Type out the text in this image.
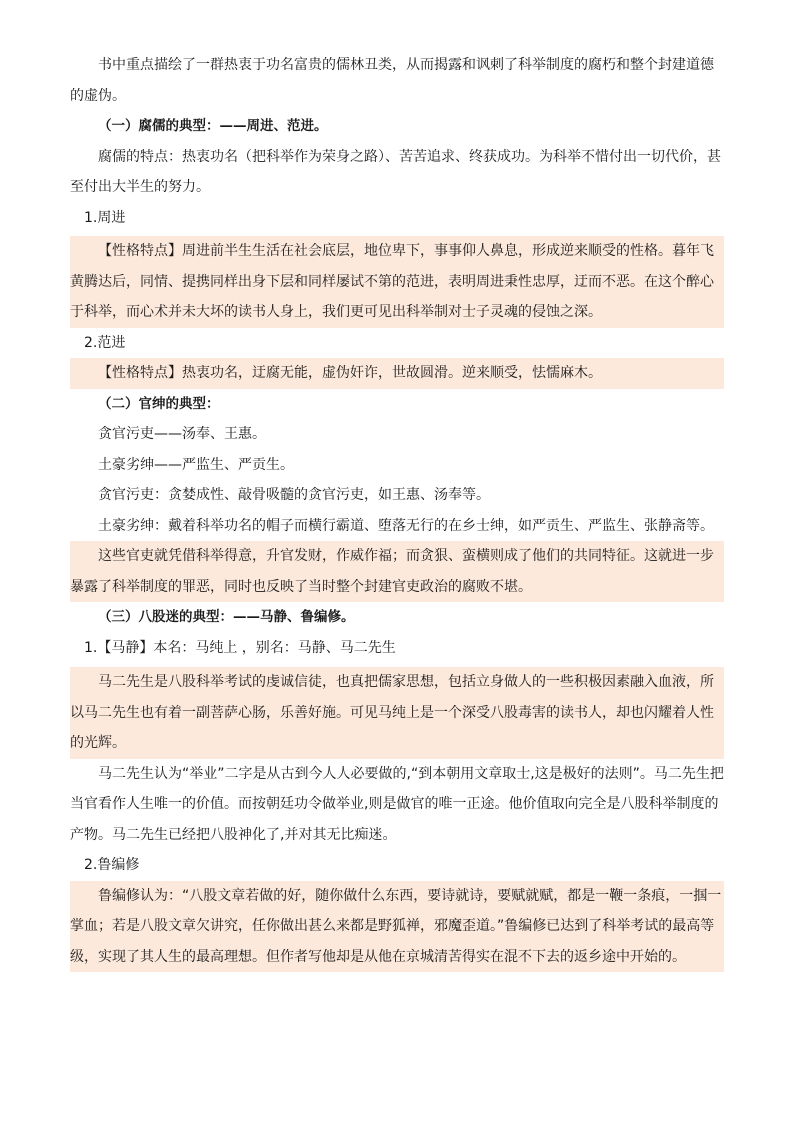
书中重点描绘了一群热衷于功名富贵的儒林丑类，从而揭露和讽刺了科举制度的腐朽和整个封建道德的虚伪。

（一）腐儒的典型：——周进、范进。

腐儒的特点：热衷功名（把科举作为荣身之路）、苦苦追求、终获成功。为科举不惜付出一切代价，甚至付出大半生的努力。

1.周进

【性格特点】周进前半生生活在社会底层，地位卑下，事事仰人鼻息，形成逆来顺受的性格。暮年飞黄腾达后，同情、提携同样出身下层和同样屡试不第的范进，表明周进秉性忠厚，迂而不恶。在这个醉心于科举，而心术并未大坏的读书人身上，我们更可见出科举制对士子灵魂的侵蚀之深。

2.范进

【性格特点】热衷功名，迂腐无能，虚伪奸诈，世故圆滑。逆来顺受，怯懦麻木。

（二）官绅的典型：

贪官污吏——汤奉、王惠。

土豪劣绅——严监生、严贡生。

贪官污吏：贪婪成性、敲骨吸髓的贪官污吏，如王惠、汤奉等。

土豪劣绅：戴着科举功名的帽子而横行霸道、堕落无行的在乡士绅，如严贡生、严监生、张静斋等。

这些官吏就凭借科举得意，升官发财，作威作福；而贪狠、蛮横则成了他们的共同特征。这就进一步暴露了科举制度的罪恶，同时也反映了当时整个封建官吏政治的腐败不堪。

（三）八股迷的典型：——马静、鲁编修。

1.【马静】本名：马纯上 ，别名：马静、马二先生

马二先生是八股科举考试的虔诚信徒，也真把儒家思想，包括立身做人的一些积极因素融入血液，所以马二先生也有着一副菩萨心肠，乐善好施。可见马纯上是一个深受八股毒害的读书人，却也闪耀着人性的光辉。

马二先生认为“举业”二字是从古到今人人必要做的,“到本朝用文章取士,这是极好的法则”。马二先生把当官看作人生唯一的价值。而按朝廷功令做举业,则是做官的唯一正途。他价值取向完全是八股科举制度的产物。马二先生已经把八股神化了,并对其无比痴迷。

2.鲁编修

鲁编修认为：“八股文章若做的好，随你做什么东西，要诗就诗，要赋就赋，都是一鞭一条痕，一掴一掌血；若是八股文章欠讲究，任你做出甚么来都是野狐禅，邪魔歪道。”鲁编修已达到了科举考试的最高等级，实现了其人生的最高理想。但作者写他却是从他在京城清苦得实在混不下去的返乡途中开始的。
